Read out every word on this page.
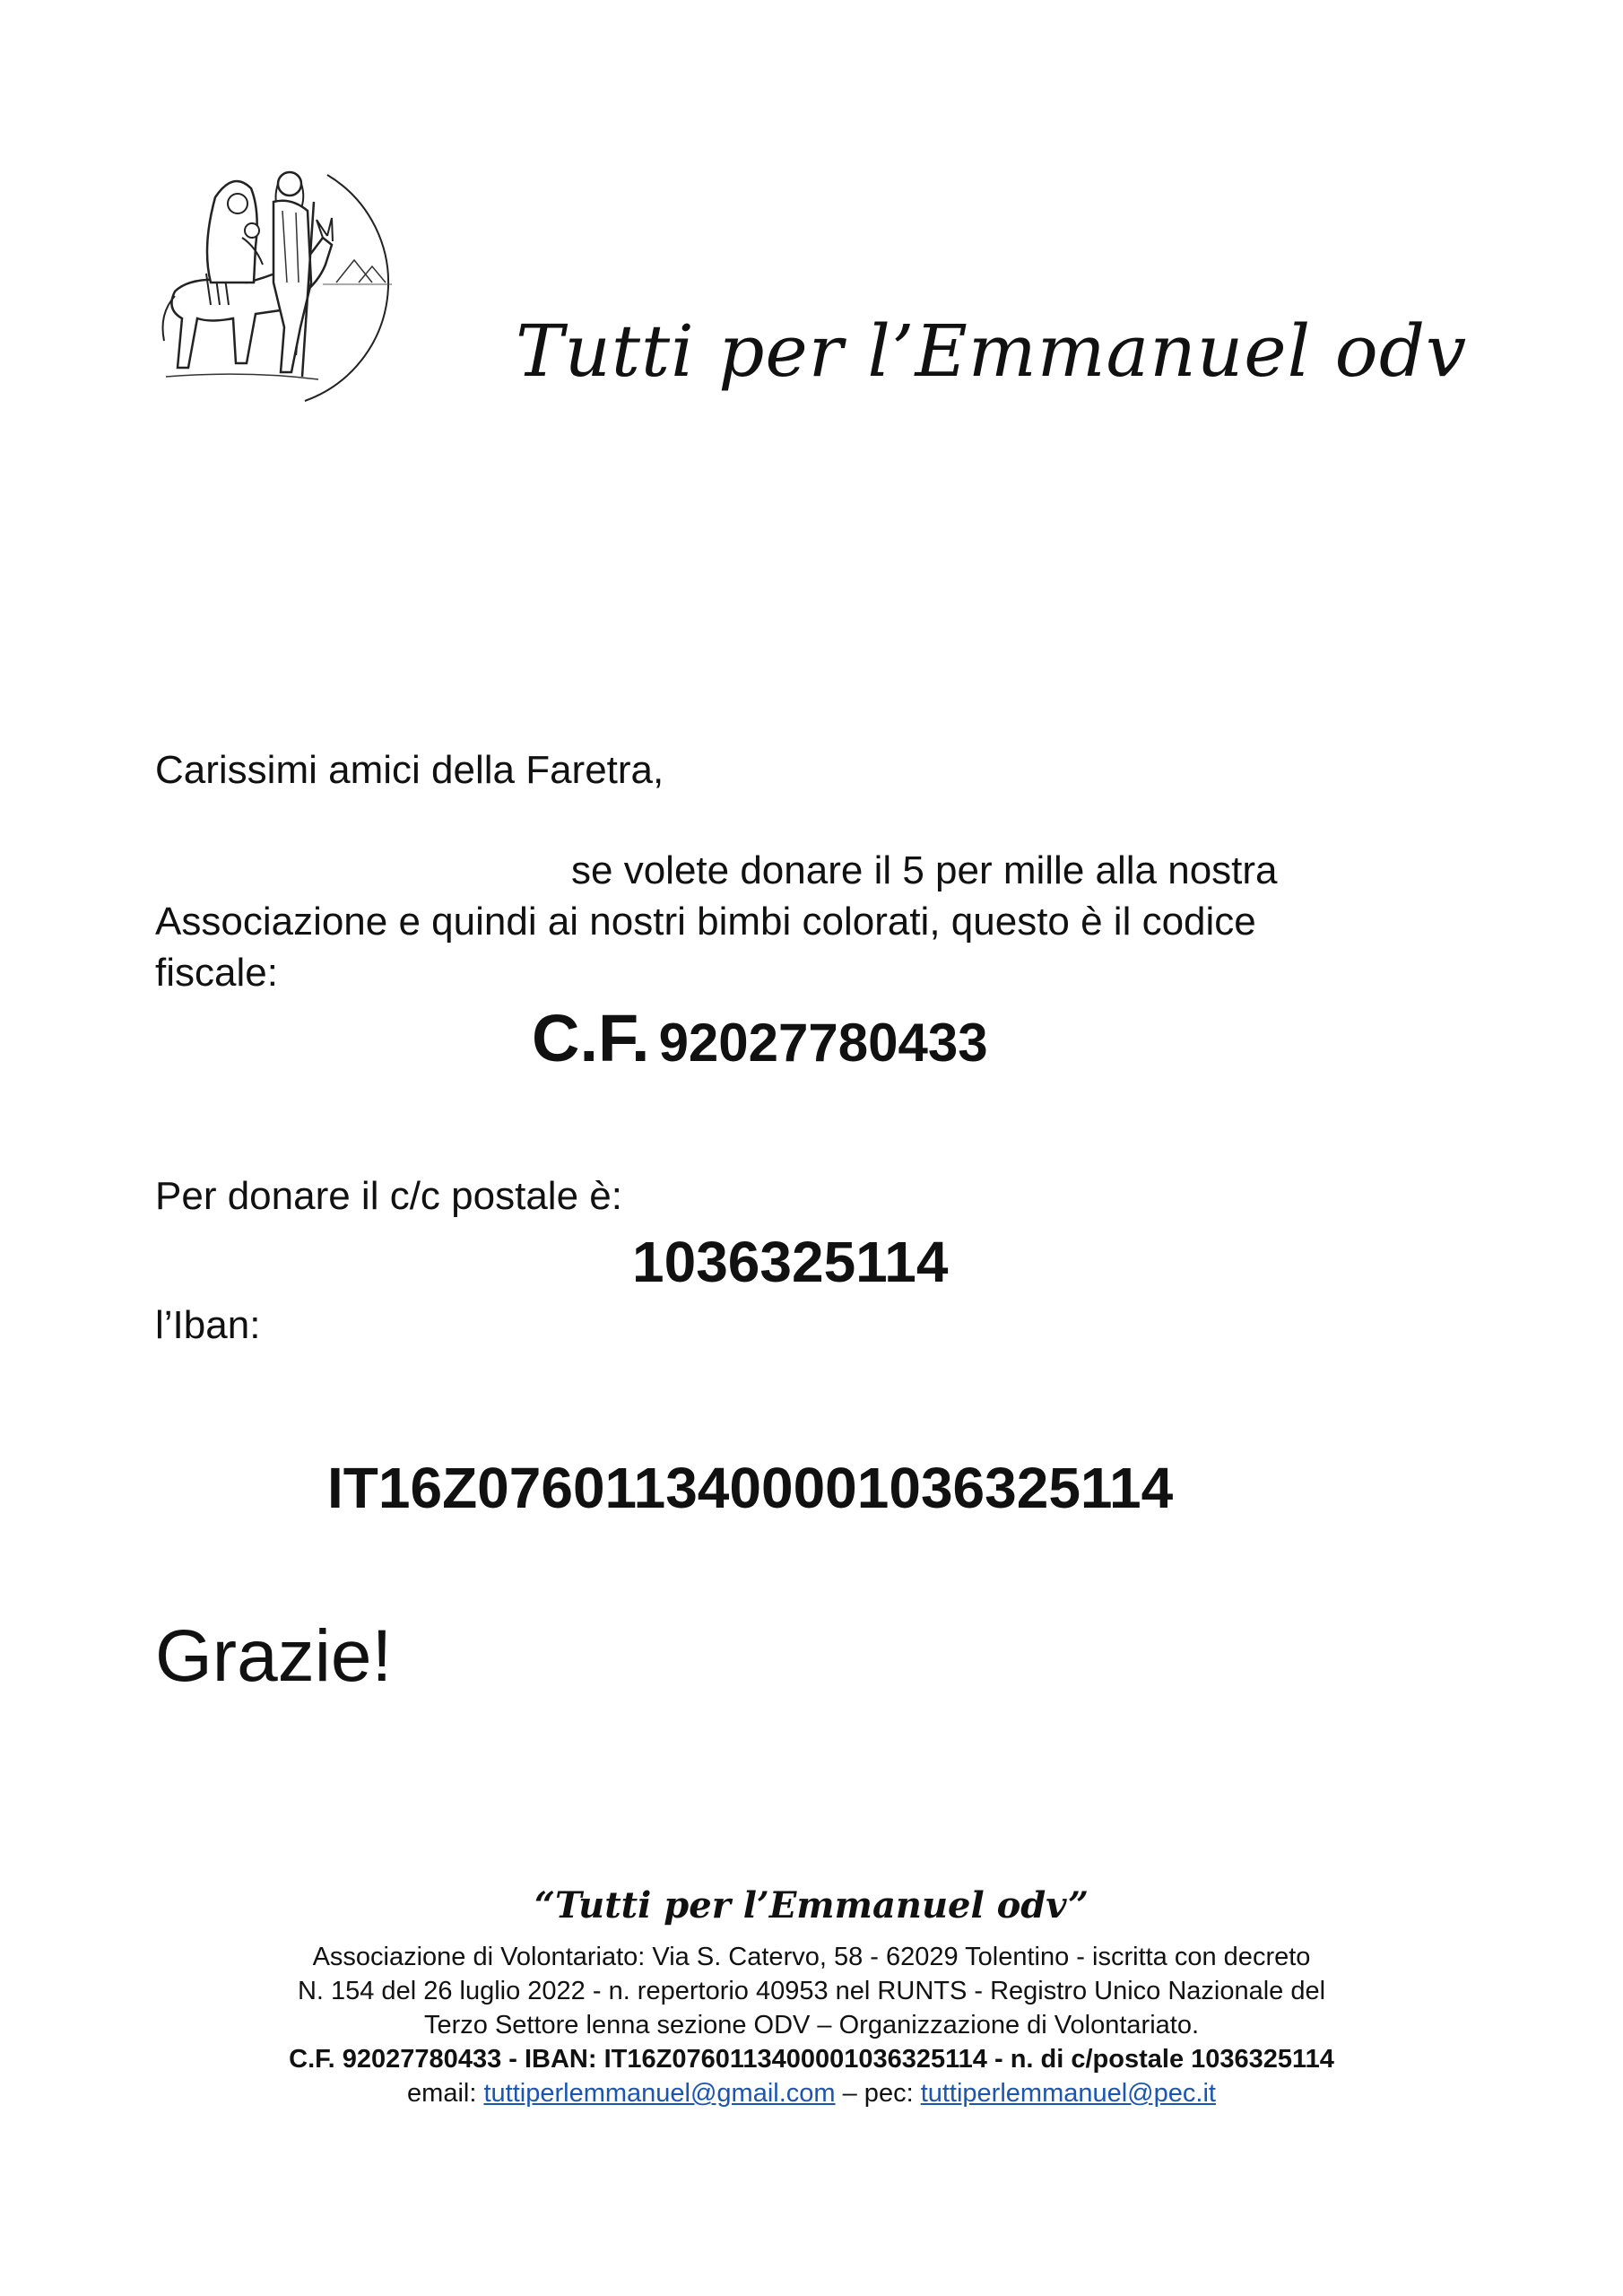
Tutti per l’Emmanuel odv
Carissimi amici della Faretra,
se volete donare il 5 per mille alla nostra
Associazione e quindi ai nostri bimbi colorati, questo è il codice
fiscale:
C.F. 92027780433
Per donare il c/c postale è:
1036325114
l’Iban:
IT16Z0760113400001036325114
Grazie!
“Tutti per l’Emmanuel odv”
Associazione di Volontariato: Via S. Catervo, 58 - 62029 Tolentino - iscritta con decreto
N. 154 del 26 luglio 2022 - n. repertorio 40953 nel RUNTS - Registro Unico Nazionale del
Terzo Settore lenna sezione ODV – Organizzazione di Volontariato.
C.F. 92027780433 - IBAN: IT16Z0760113400001036325114 - n. di c/postale 1036325114
email: tuttiperlemmanuel@gmail.com – pec: tuttiperlemmanuel@pec.it
